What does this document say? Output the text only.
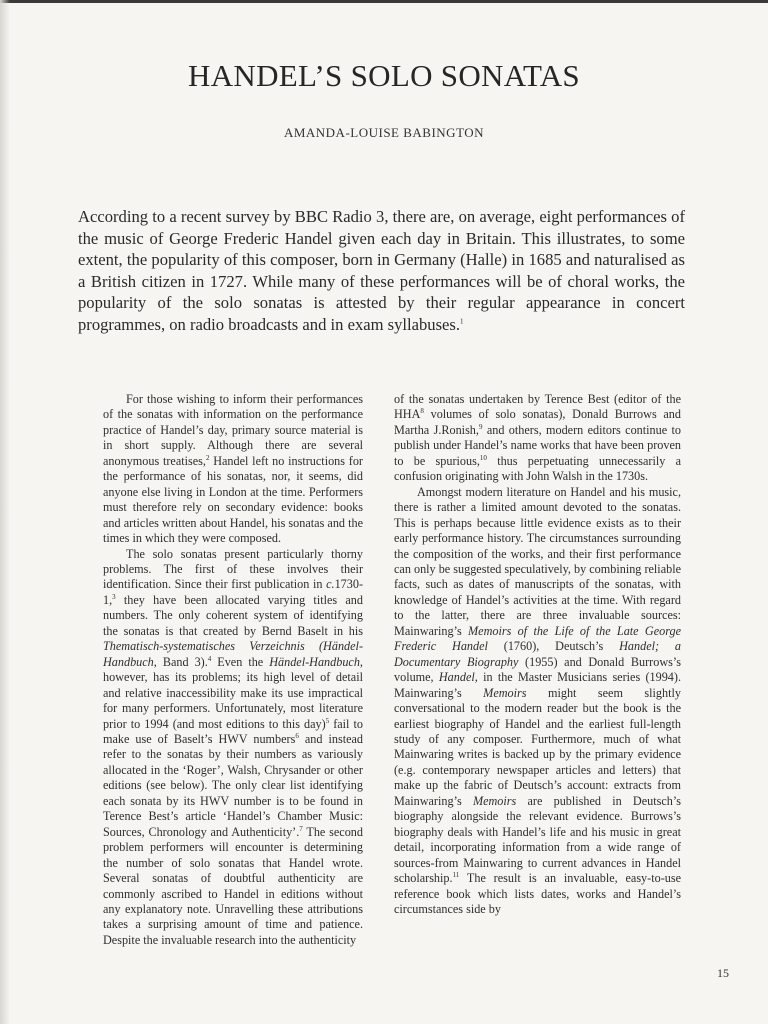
HANDEL’S SOLO SONATAS
AMANDA-LOUISE BABINGTON

According to a recent survey by BBC Radio 3, there are, on average, eight performances of the music of George Frederic Handel given each day in Britain. This illustrates, to some extent, the popularity of this composer, born in Germany (Halle) in 1685 and naturalised as a British citizen in 1727. While many of these performances will be of choral works, the popularity of the solo sonatas is attested by their regular appearance in concert programmes, on radio broadcasts and in exam syllabuses.$^1$

For those wishing to inform their performances of the sonatas with information on the performance practice of Handel’s day, primary source material is in short supply. Although there are several anonymous treatises,$^2$ Handel left no instructions for the performance of his sonatas, nor, it seems, did anyone else living in London at the time. Performers must therefore rely on secondary evidence: books and articles written about Handel, his sonatas and the times in which they were composed.

The solo sonatas present particularly thorny problems. The first of these involves their identification. Since their first publication in c.1730-1,$^3$ they have been allocated varying titles and numbers. The only coherent system of identifying the sonatas is that created by Bernd Baselt in his Thematisch-systematisches Verzeichnis (Händel-Handbuch, Band 3).$^4$ Even the Händel-Handbuch, however, has its problems; its high level of detail and relative inaccessibility make its use impractical for many performers. Unfortunately, most literature prior to 1994 (and most editions to this day)$^5$ fail to make use of Baselt’s HWV numbers$^6$ and instead refer to the sonatas by their numbers as variously allocated in the ‘Roger’, Walsh, Chrysander or other editions (see below). The only clear list identifying each sonata by its HWV number is to be found in Terence Best’s article ‘Handel’s Chamber Music: Sources, Chronology and Authenticity’.$^7$ The second problem performers will encounter is determining the number of solo sonatas that Handel wrote. Several sonatas of doubtful authenticity are commonly ascribed to Handel in editions without any explanatory note. Unravelling these attributions takes a surprising amount of time and patience. Despite the invaluable research into the authenticity

of the sonatas undertaken by Terence Best (editor of the HHA$^8$ volumes of solo sonatas), Donald Burrows and Martha J.Ronish,$^9$ and others, modern editors continue to publish under Handel’s name works that have been proven to be spurious,$^{10}$ thus perpetuating unnecessarily a confusion originating with John Walsh in the 1730s.

Amongst modern literature on Handel and his music, there is rather a limited amount devoted to the sonatas. This is perhaps because little evidence exists as to their early performance history. The circumstances surrounding the composition of the works, and their first performance can only be suggested speculatively, by combining reliable facts, such as dates of manuscripts of the sonatas, with knowledge of Handel’s activities at the time. With regard to the latter, there are three invaluable sources: Mainwaring’s Memoirs of the Life of the Late George Frederic Handel (1760), Deutsch’s Handel; a Documentary Biography (1955) and Donald Burrows’s volume, Handel, in the Master Musicians series (1994). Mainwaring’s Memoirs might seem slightly conversational to the modern reader but the book is the earliest biography of Handel and the earliest full-length study of any composer. Furthermore, much of what Mainwaring writes is backed up by the primary evidence (e.g. contemporary newspaper articles and letters) that make up the fabric of Deutsch’s account: extracts from Mainwaring’s Memoirs are published in Deutsch’s biography alongside the relevant evidence. Burrows’s biography deals with Handel’s life and his music in great detail, incorporating information from a wide range of sources-from Mainwaring to current advances in Handel scholarship.$^{11}$ The result is an invaluable, easy-to-use reference book which lists dates, works and Handel’s circumstances side by

15
